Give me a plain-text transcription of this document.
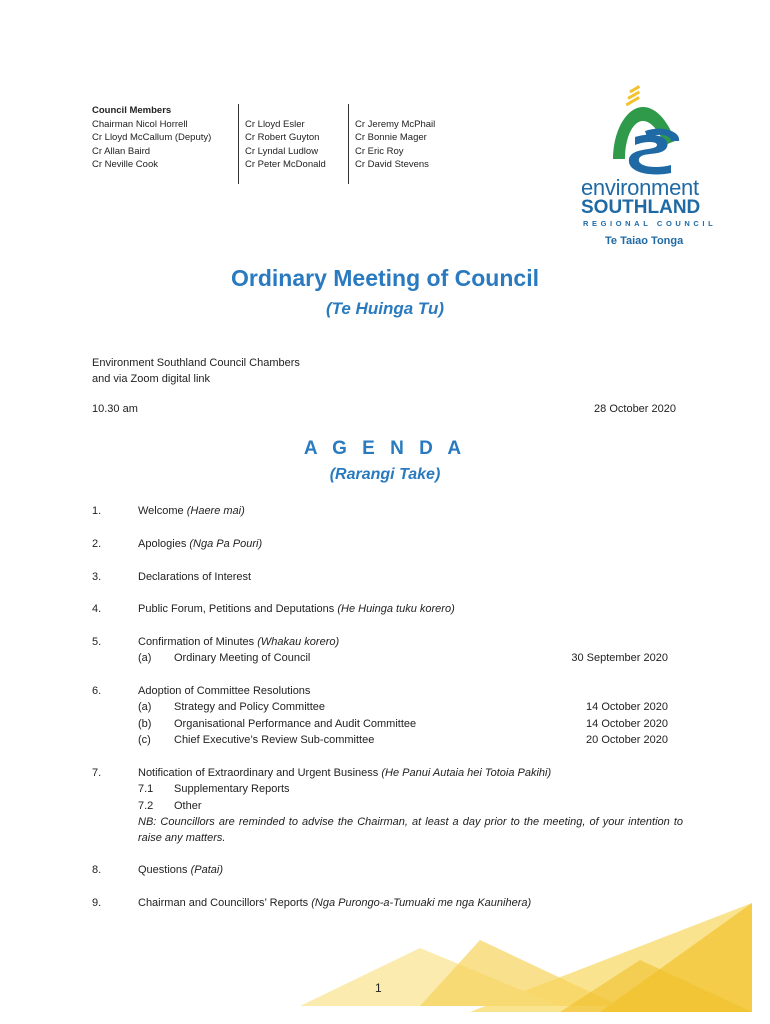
Council Members
Chairman Nicol Horrell
Cr Lloyd McCallum (Deputy)
Cr Allan Baird
Cr Neville Cook
Cr Lloyd Esler
Cr Robert Guyton
Cr Lyndal Ludlow
Cr Peter McDonald
Cr Jeremy McPhail
Cr Bonnie Mager
Cr Eric Roy
Cr David Stevens
environment
SOUTHLAND
REGIONAL COUNCIL
Te Taiao Tonga
Ordinary Meeting of Council
(Te Huinga Tu)
Environment Southland Council Chambers
and via Zoom digital link
10.30 am	28 October 2020
A G E N D A
(Rarangi Take)
1.	Welcome (Haere mai)
2.	Apologies (Nga Pa Pouri)
3.	Declarations of Interest
4.	Public Forum, Petitions and Deputations (He Huinga tuku korero)
5.	Confirmation of Minutes (Whakau korero)
(a) Ordinary Meeting of Council	30 September 2020
6.	Adoption of Committee Resolutions
(a) Strategy and Policy Committee	14 October 2020
(b) Organisational Performance and Audit Committee	14 October 2020
(c) Chief Executive’s Review Sub-committee	20 October 2020
7.	Notification of Extraordinary and Urgent Business (He Panui Autaia hei Totoia Pakihi)
7.1 Supplementary Reports
7.2 Other
NB: Councillors are reminded to advise the Chairman, at least a day prior to the meeting, of your intention to raise any matters.
8.	Questions (Patai)
9.	Chairman and Councillors’ Reports (Nga Purongo-a-Tumuaki me nga Kaunihera)
1
